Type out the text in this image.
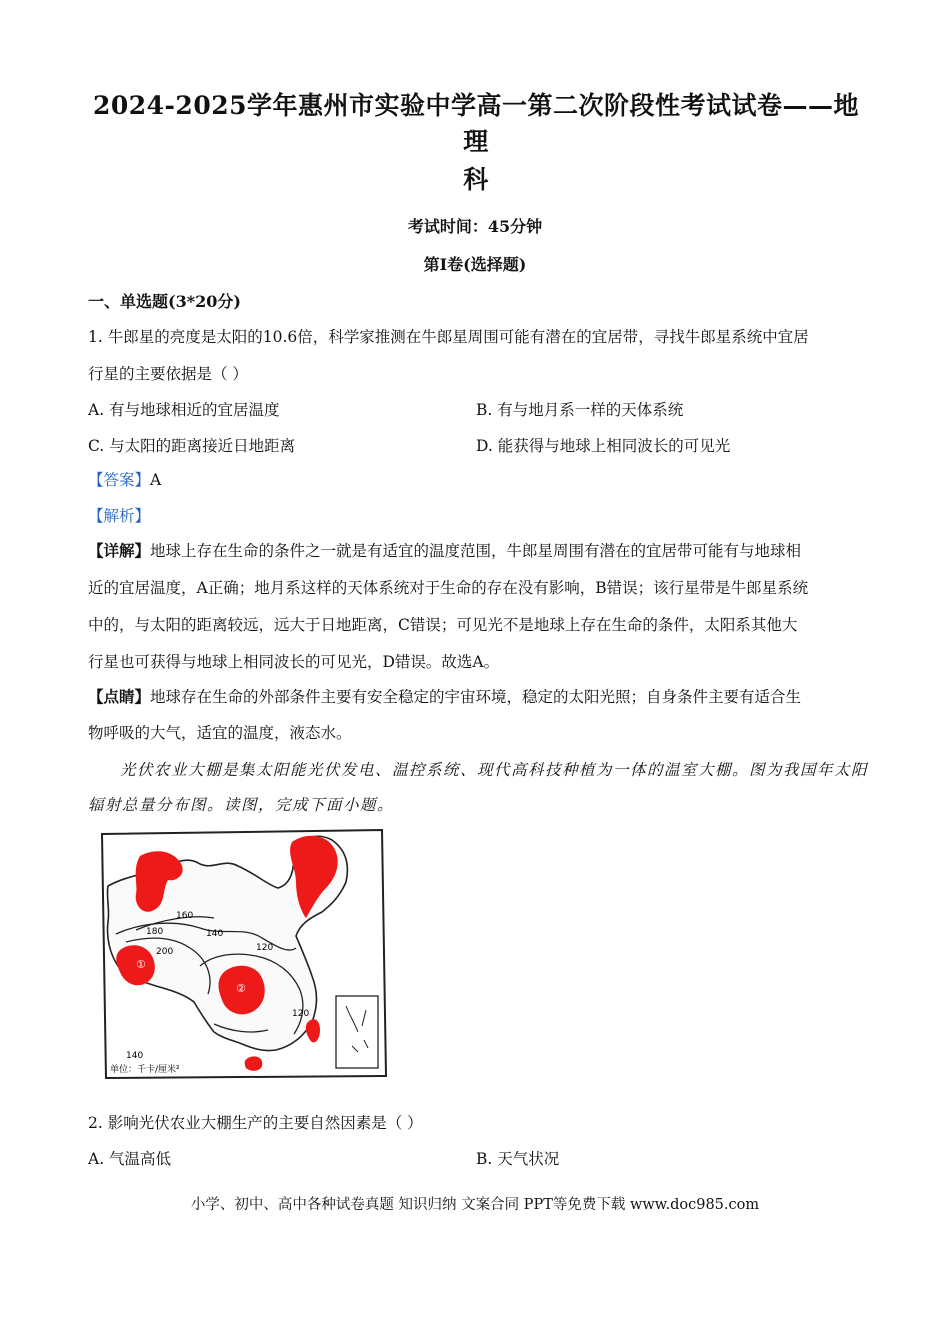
2024-2025学年惠州市实验中学高一第二次阶段性考试试卷——地理
科
考试时间：45分钟
第I卷(选择题)
一、单选题(3*20分)
1. 牛郎星的亮度是太阳的10.6倍，科学家推测在牛郎星周围可能有潜在的宜居带，寻找牛郎星系统中宜居
行星的主要依据是（ ）
A. 有与地球相近的宜居温度	B. 有与地月系一样的天体系统
C. 与太阳的距离接近日地距离	D. 能获得与地球上相同波长的可见光
【答案】A
【解析】
【详解】地球上存在生命的条件之一就是有适宜的温度范围，牛郎星周围有潜在的宜居带可能有与地球相
近的宜居温度，A正确；地月系这样的天体系统对于生命的存在没有影响，B错误；该行星带是牛郎星系统
中的，与太阳的距离较远，远大于日地距离，C错误；可见光不是地球上存在生命的条件，太阳系其他大
行星也可获得与地球上相同波长的可见光，D错误。故选A。
【点睛】地球存在生命的外部条件主要有安全稳定的宇宙环境，稳定的太阳光照；自身条件主要有适合生
物呼吸的大气，适宜的温度，液态水。
光伏农业大棚是集太阳能光伏发电、温控系统、现代高科技种植为一体的温室大棚。图为我国年太阳
辐射总量分布图。读图，完成下面小题。
160
180
200
140
120
120
140
①
②
单位：千卡/厘米²
2. 影响光伏农业大棚生产的主要自然因素是（ ）
A. 气温高低	B. 天气状况
小学、初中、高中各种试卷真题 知识归纳 文案合同 PPT等免费下载 www.doc985.com
